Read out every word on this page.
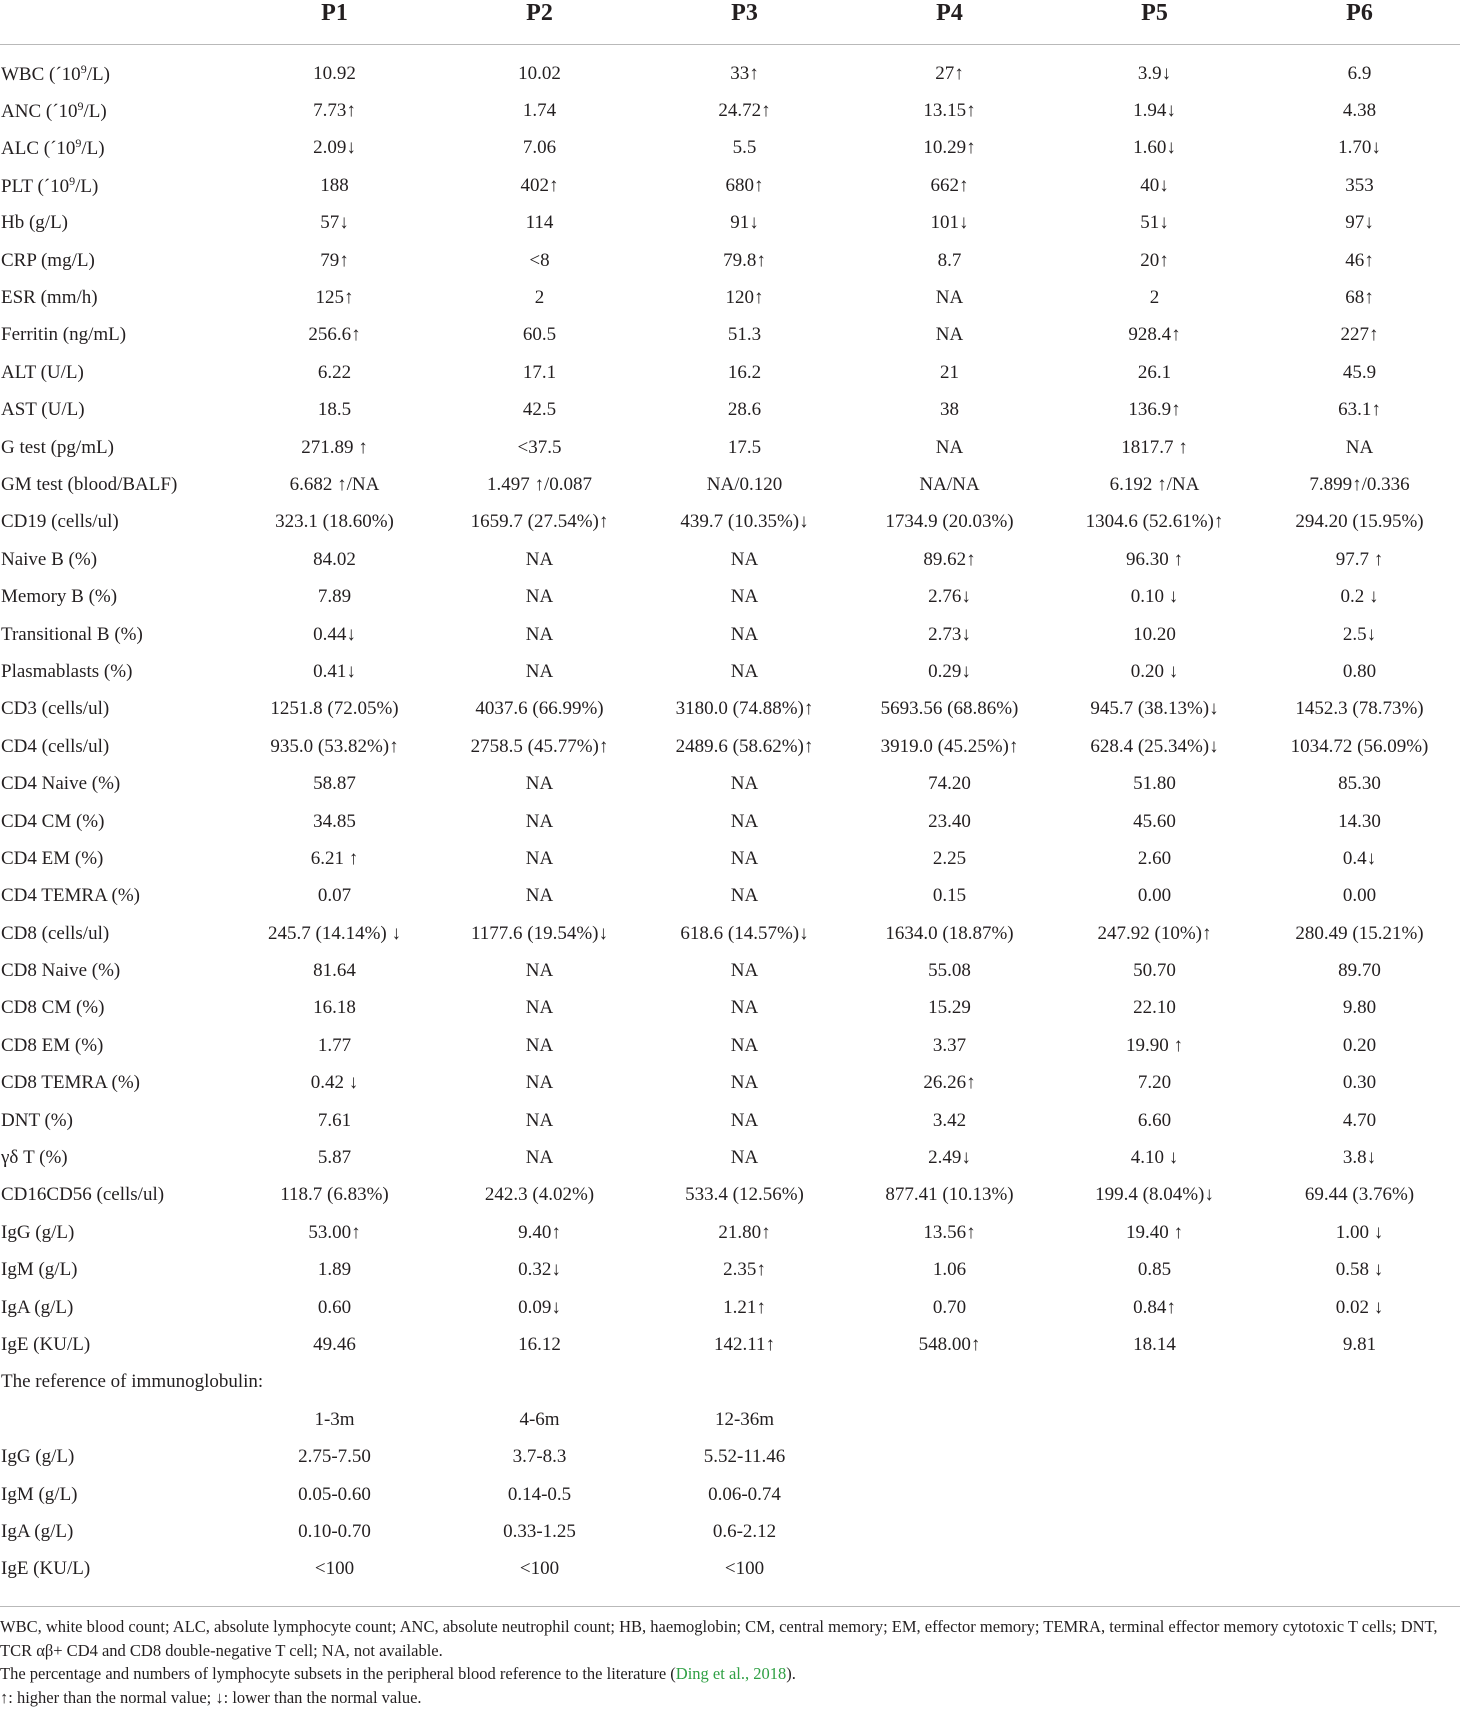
	P1	P2	P3	P4	P5	P6
WBC $(´10^9/L)$	10.92	10.02	33↑	27↑	3.9↓	6.9
ANC $(´10^9/L)$	7.73↑	1.74	24.72↑	13.15↑	1.94↓	4.38
ALC $(´10^9/L)$	2.09↓	7.06	5.5	10.29↑	1.60↓	1.70↓
PLT $(´10^9/L)$	188	402↑	680↑	662↑	40↓	353
Hb (g/L)	57↓	114	91↓	101↓	51↓	97↓
CRP (mg/L)	79↑	<8	79.8↑	8.7	20↑	46↑
ESR (mm/h)	125↑	2	120↑	NA	2	68↑
Ferritin (ng/mL)	256.6↑	60.5	51.3	NA	928.4↑	227↑
ALT (U/L)	6.22	17.1	16.2	21	26.1	45.9
AST (U/L)	18.5	42.5	28.6	38	136.9↑	63.1↑
G test (pg/mL)	271.89 ↑	<37.5	17.5	NA	1817.7 ↑	NA
GM test (blood/BALF)	6.682 ↑/NA	1.497 ↑/0.087	NA/0.120	NA/NA	6.192 ↑/NA	7.899↑/0.336
CD19 (cells/ul)	323.1 (18.60%)	1659.7 (27.54%)↑	439.7 (10.35%)↓	1734.9 (20.03%)	1304.6 (52.61%)↑	294.20 (15.95%)
Naive B (%)	84.02	NA	NA	89.62↑	96.30 ↑	97.7 ↑
Memory B (%)	7.89	NA	NA	2.76↓	0.10 ↓	0.2 ↓
Transitional B (%)	0.44↓	NA	NA	2.73↓	10.20	2.5↓
Plasmablasts (%)	0.41↓	NA	NA	0.29↓	0.20 ↓	0.80
CD3 (cells/ul)	1251.8 (72.05%)	4037.6 (66.99%)	3180.0 (74.88%)↑	5693.56 (68.86%)	945.7 (38.13%)↓	1452.3 (78.73%)
CD4 (cells/ul)	935.0 (53.82%)↑	2758.5 (45.77%)↑	2489.6 (58.62%)↑	3919.0 (45.25%)↑	628.4 (25.34%)↓	1034.72 (56.09%)
CD4 Naive (%)	58.87	NA	NA	74.20	51.80	85.30
CD4 CM (%)	34.85	NA	NA	23.40	45.60	14.30
CD4 EM (%)	6.21 ↑	NA	NA	2.25	2.60	0.4↓
CD4 TEMRA (%)	0.07	NA	NA	0.15	0.00	0.00
CD8 (cells/ul)	245.7 (14.14%) ↓	1177.6 (19.54%)↓	618.6 (14.57%)↓	1634.0 (18.87%)	247.92 (10%)↑	280.49 (15.21%)
CD8 Naive (%)	81.64	NA	NA	55.08	50.70	89.70
CD8 CM (%)	16.18	NA	NA	15.29	22.10	9.80
CD8 EM (%)	1.77	NA	NA	3.37	19.90 ↑	0.20
CD8 TEMRA (%)	0.42 ↓	NA	NA	26.26↑	7.20	0.30
DNT (%)	7.61	NA	NA	3.42	6.60	4.70
γδ T (%)	5.87	NA	NA	2.49↓	4.10 ↓	3.8↓
CD16CD56 (cells/ul)	118.7 (6.83%)	242.3 (4.02%)	533.4 (12.56%)	877.41 (10.13%)	199.4 (8.04%)↓	69.44 (3.76%)
IgG (g/L)	53.00↑	9.40↑	21.80↑	13.56↑	19.40 ↑	1.00 ↓
IgM (g/L)	1.89	0.32↓	2.35↑	1.06	0.85	0.58 ↓
IgA (g/L)	0.60	0.09↓	1.21↑	0.70	0.84↑	0.02 ↓
IgE (KU/L)	49.46	16.12	142.11↑	548.00↑	18.14	9.81
The reference of immunoglobulin:						
	1-3m	4-6m	12-36m			
IgG (g/L)	2.75-7.50	3.7-8.3	5.52-11.46			
IgM (g/L)	0.05-0.60	0.14-0.5	0.06-0.74			
IgA (g/L)	0.10-0.70	0.33-1.25	0.6-2.12			
IgE (KU/L)	<100	<100	<100			

WBC, white blood count; ALC, absolute lymphocyte count; ANC, absolute neutrophil count; HB, haemoglobin; CM, central memory; EM, effector memory; TEMRA, terminal effector memory cytotoxic T cells; DNT, TCR αβ+ CD4 and CD8 double-negative T cell; NA, not available.

The percentage and numbers of lymphocyte subsets in the peripheral blood reference to the literature (Ding et al., 2018).

↑: higher than the normal value; ↓: lower than the normal value.
